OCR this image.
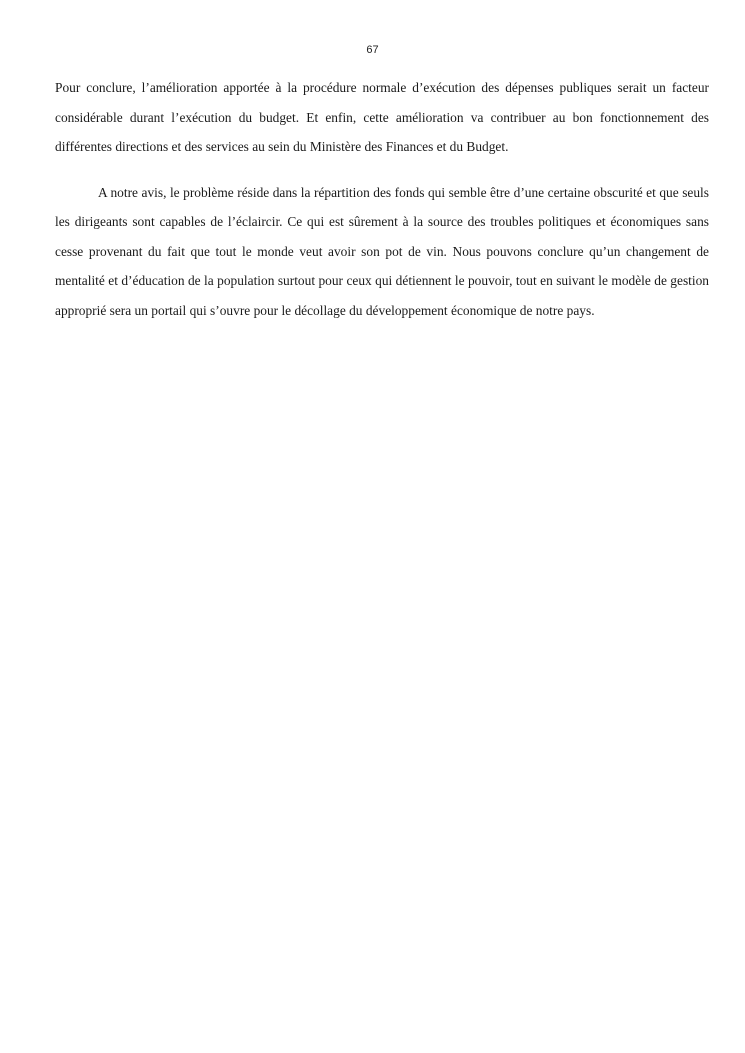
67

Pour conclure, l’amélioration apportée à la procédure normale d’exécution des dépenses publiques serait un facteur considérable durant l’exécution du budget. Et enfin, cette amélioration va contribuer au bon fonctionnement des différentes directions et des services au sein du Ministère des Finances et du Budget.

A notre avis, le problème réside dans la répartition des fonds qui semble être d’une certaine obscurité et que seuls les dirigeants sont capables de l’éclaircir. Ce qui est sûrement à la source des troubles politiques et économiques sans cesse provenant du fait que tout le monde veut avoir son pot de vin. Nous pouvons conclure qu’un changement de mentalité et d’éducation de la population surtout pour ceux qui détiennent le pouvoir, tout en suivant le modèle de gestion approprié sera un portail qui s’ouvre pour le décollage du développement économique de notre pays.
